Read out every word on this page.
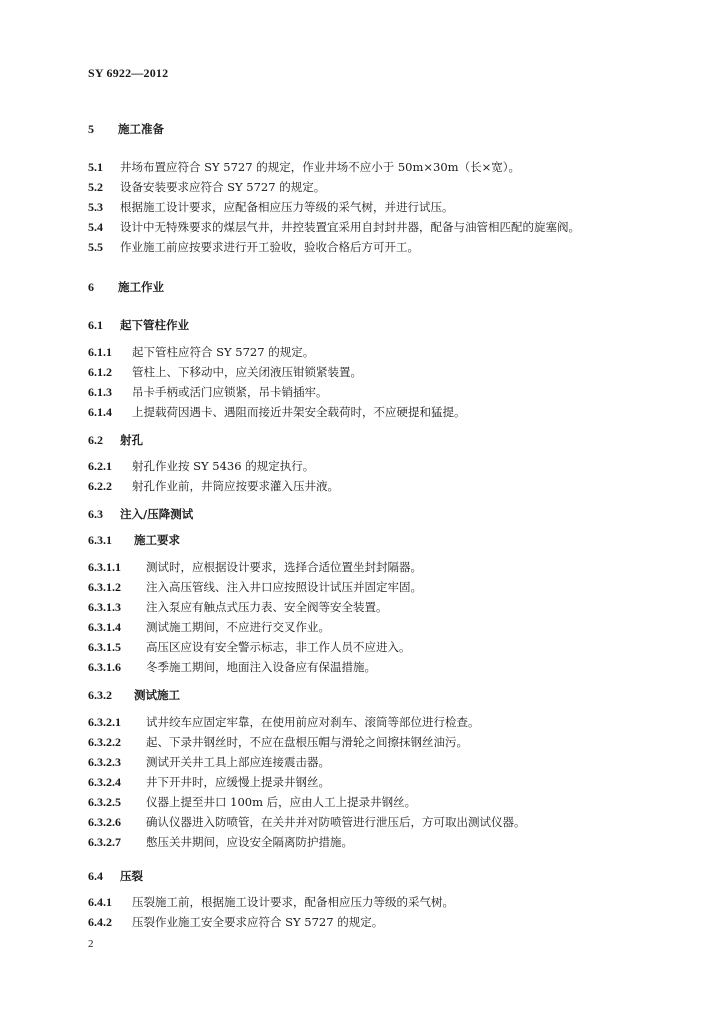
SY 6922—2012
5	施工准备
5.1	井场布置应符合 SY 5727 的规定，作业井场不应小于 50m×30m（长×宽）。
5.2	设备安装要求应符合 SY 5727 的规定。
5.3	根据施工设计要求，应配备相应压力等级的采气树，并进行试压。
5.4	设计中无特殊要求的煤层气井，井控装置宜采用自封封井器，配备与油管相匹配的旋塞阀。
5.5	作业施工前应按要求进行开工验收，验收合格后方可开工。
6	施工作业
6.1	起下管柱作业
6.1.1	起下管柱应符合 SY 5727 的规定。
6.1.2	管柱上、下移动中，应关闭液压钳锁紧装置。
6.1.3	吊卡手柄或活门应锁紧，吊卡销插牢。
6.1.4	上提载荷因遇卡、遇阻而接近井架安全载荷时，不应硬提和猛提。
6.2	射孔
6.2.1	射孔作业按 SY 5436 的规定执行。
6.2.2	射孔作业前，井筒应按要求灌入压井液。
6.3	注入/压降测试
6.3.1	施工要求
6.3.1.1	测试时，应根据设计要求，选择合适位置坐封封隔器。
6.3.1.2	注入高压管线、注入井口应按照设计试压并固定牢固。
6.3.1.3	注入泵应有触点式压力表、安全阀等安全装置。
6.3.1.4	测试施工期间，不应进行交叉作业。
6.3.1.5	高压区应设有安全警示标志，非工作人员不应进入。
6.3.1.6	冬季施工期间，地面注入设备应有保温措施。
6.3.2	测试施工
6.3.2.1	试井绞车应固定牢靠，在使用前应对刹车、滚筒等部位进行检查。
6.3.2.2	起、下录井钢丝时，不应在盘根压帽与滑轮之间擦抹钢丝油污。
6.3.2.3	测试开关井工具上部应连接震击器。
6.3.2.4	井下开井时，应缓慢上提录井钢丝。
6.3.2.5	仪器上提至井口 100m 后，应由人工上提录井钢丝。
6.3.2.6	确认仪器进入防喷管，在关井并对防喷管进行泄压后，方可取出测试仪器。
6.3.2.7	憋压关井期间，应设安全隔离防护措施。
6.4	压裂
6.4.1	压裂施工前，根据施工设计要求，配备相应压力等级的采气树。
6.4.2	压裂作业施工安全要求应符合 SY 5727 的规定。
2
